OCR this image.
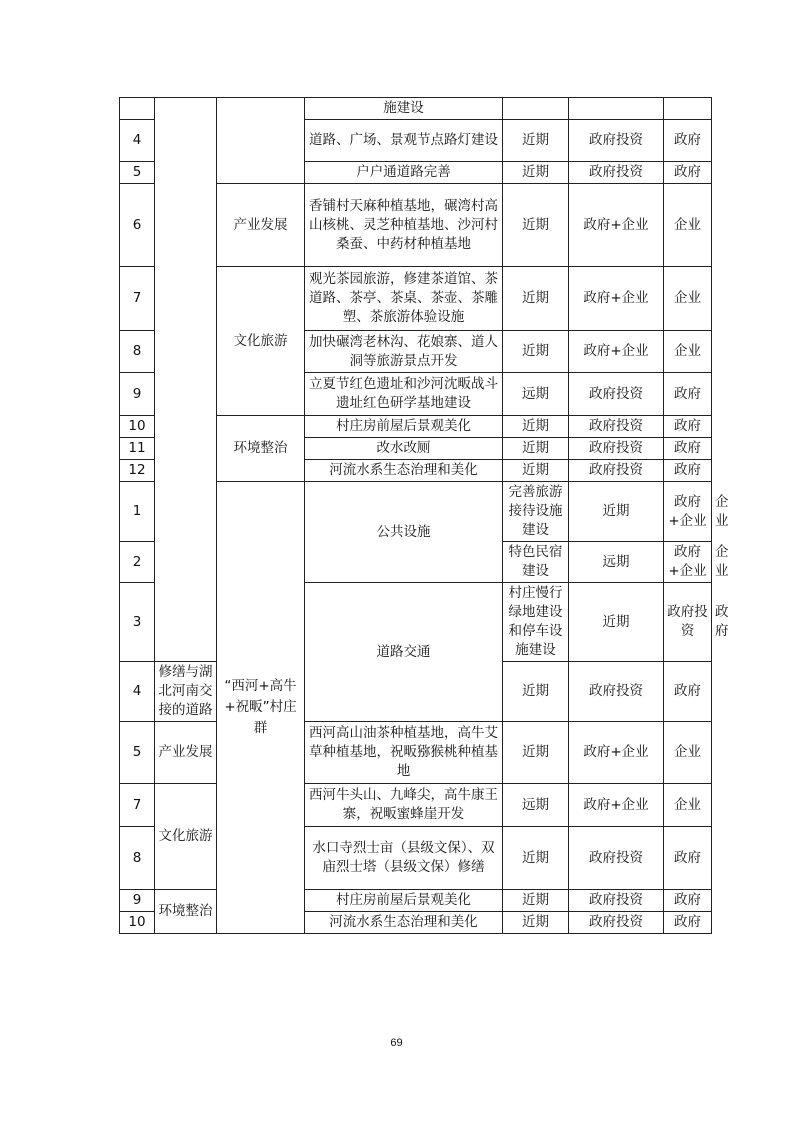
			施建设				
4			道路、广场、景观节点路灯建设	近期	政府投资	政府	
5			户户通道路完善	近期	政府投资	政府	
6		产业发展	香铺村天麻种植基地，碾湾村高山核桃、灵芝种植基地、沙河村桑蚕、中药材种植基地	近期	政府+企业	企业	
7		文化旅游	观光茶园旅游，修建茶道馆、茶道路、茶亭、茶桌、茶壶、茶雕塑、茶旅游体验设施	近期	政府+企业	企业	
8			加快碾湾老林沟、花娘寨、道人洞等旅游景点开发	近期	政府+企业	企业	
9			立夏节红色遗址和沙河沈畈战斗遗址红色研学基地建设	远期	政府投资	政府	
10		环境整治	村庄房前屋后景观美化	近期	政府投资	政府	
11			改水改厕	近期	政府投资	政府	
12			河流水系生态治理和美化	近期	政府投资	政府	
1		“西河+高牛+祝畈”村庄群	公共设施	完善旅游接待设施建设	近期	政府+企业	企业
2				特色民宿建设	远期	政府+企业	企业
3			道路交通	村庄慢行绿地建设和停车设施建设	近期	政府投资	政府
4	修缮与湖北河南交接的道路			近期	政府投资	政府	
5	产业发展		西河高山油茶种植基地，高牛艾草种植基地，祝畈猕猴桃种植基地	近期	政府+企业	企业	
7	文化旅游		西河牛头山、九峰尖，高牛康王寨，祝畈蜜蜂崖开发	远期	政府+企业	企业	
8			水口寺烈士亩（县级文保）、双庙烈士塔（县级文保）修缮	近期	政府投资	政府	
9	环境整治		村庄房前屋后景观美化	近期	政府投资	政府	
10			河流水系生态治理和美化	近期	政府投资	政府	
69
